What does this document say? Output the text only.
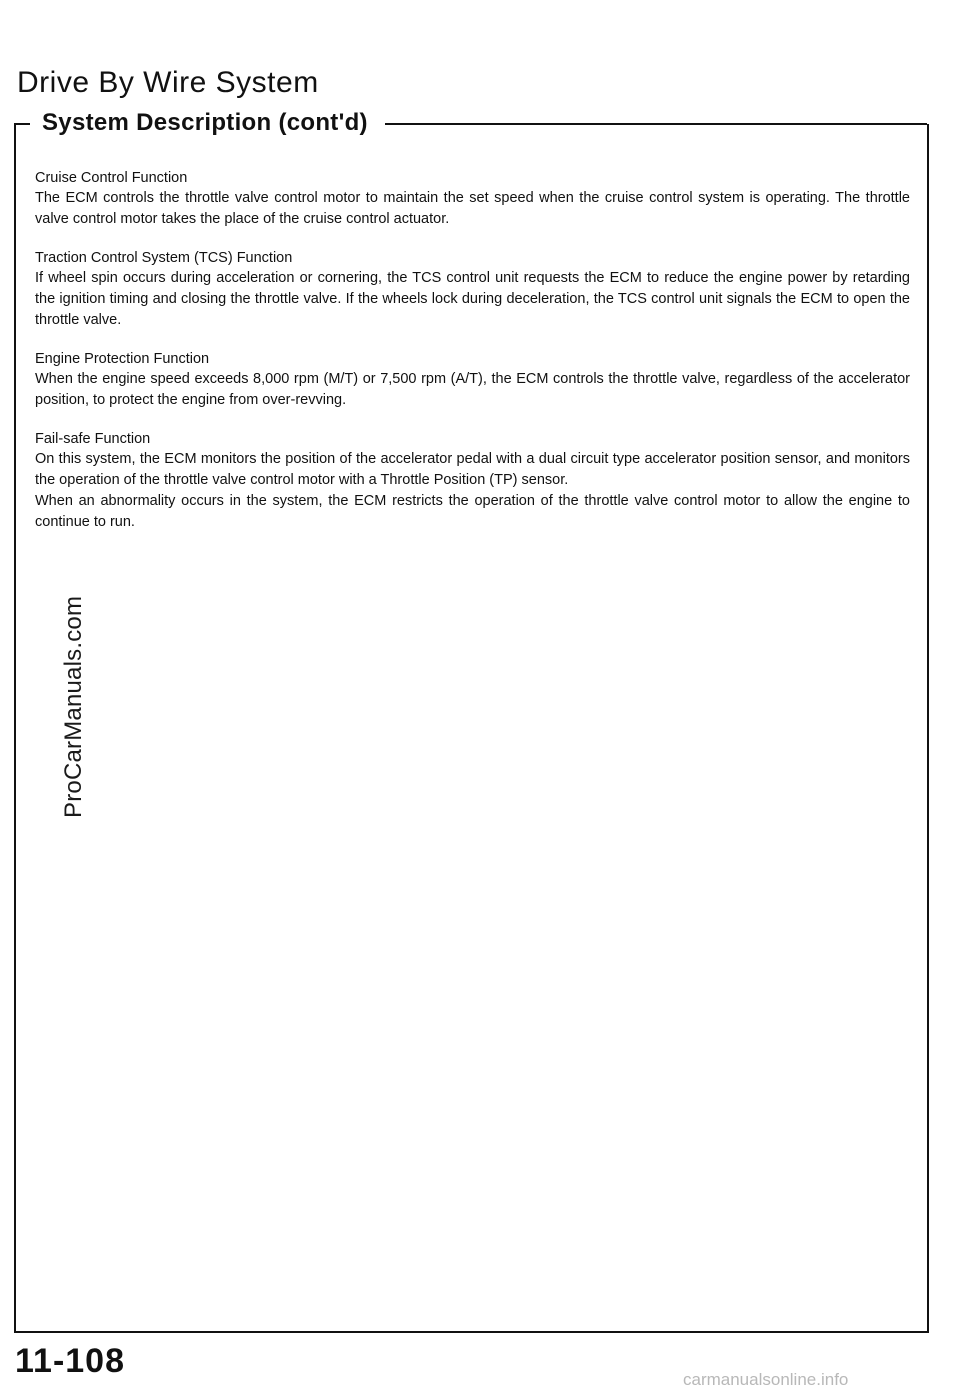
Drive By Wire System
System Description (cont'd)

Cruise Control Function

The ECM controls the throttle valve control motor to maintain the set speed when the cruise control system is operating. The throttle valve control motor takes the place of the cruise control actuator.

Traction Control System (TCS) Function

If wheel spin occurs during acceleration or cornering, the TCS control unit requests the ECM to reduce the engine power by retarding the ignition timing and closing the throttle valve. If the wheels lock during deceleration, the TCS control unit signals the ECM to open the throttle valve.

Engine Protection Function

When the engine speed exceeds 8,000 rpm (M/T) or 7,500 rpm (A/T), the ECM controls the throttle valve, regardless of the accelerator position, to protect the engine from over-revving.

Fail-safe Function

On this system, the ECM monitors the position of the accelerator pedal with a dual circuit type accelerator position sensor, and monitors the operation of the throttle valve control motor with a Throttle Position (TP) sensor.

When an abnormality occurs in the system, the ECM restricts the operation of the throttle valve control motor to allow the engine to continue to run.

ProCarManuals.com

11-108	carmanualsonline.info
